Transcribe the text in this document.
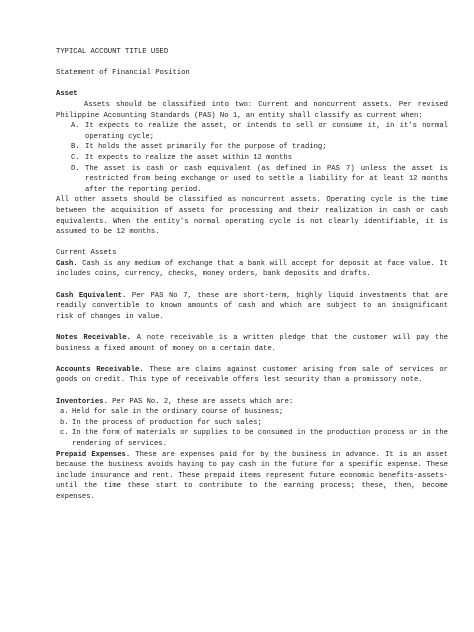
TYPICAL ACCOUNT TITLE USED

Statement of Financial Position

Asset

Assets should be classified into two: Current and noncurrent assets. Per revised Philippine Accounting Standards (PAS) No 1, an entity shall classify as current when:

A. It expects to realize the asset, or intends to sell or consume it, in it's normal operating cycle;
B. It holds the asset primarily for the purpose of trading;
C. It expects to realize the asset within 12 months
D. The asset is cash or cash equivalent (as defined in PAS 7) unless the asset is restricted from being exchange or used to settle a liability for at least 12 months after the reporting period.

All other assets should be classified as noncurrent assets. Operating cycle is the time between the acquisition of assets for processing and their realization in cash or cash equivalents. When the entity's normal operating cycle is not clearly identifiable, it is assumed to be 12 months.

Current Assets

Cash. Cash is any medium of exchange that a bank will accept for deposit at face value. It includes coins, currency, checks, money orders, bank deposits and drafts.

Cash Equivalent. Per PAS No 7, these are short-term, highly liquid investments that are readily convertible to known amounts of cash and which are subject to an insignificant risk of changes in value.

Notes Receivable. A note receivable is a written pledge that the customer will pay the business a fixed amount of money on a certain date.

Accounts Receivable. These are claims against customer arising from sale of services or goods on credit. This type of receivable offers lest security than a promissory note.

Inventories. Per PAS No. 2, these are assets which are:

a. Held for sale in the ordinary course of business;
b. In the process of production for such sales;
c. In the form of materials or supplies to be consumed in the production process or in the rendering of services.

Prepaid Expenses. These are expenses paid for by the business in advance. It is an asset because the business avoids having to pay cash in the future for a specific expense. These include insurance and rent. These prepaid items represent future economic benefits-assets-until the time these start to contribute to the earning process; these, then, become expenses.
